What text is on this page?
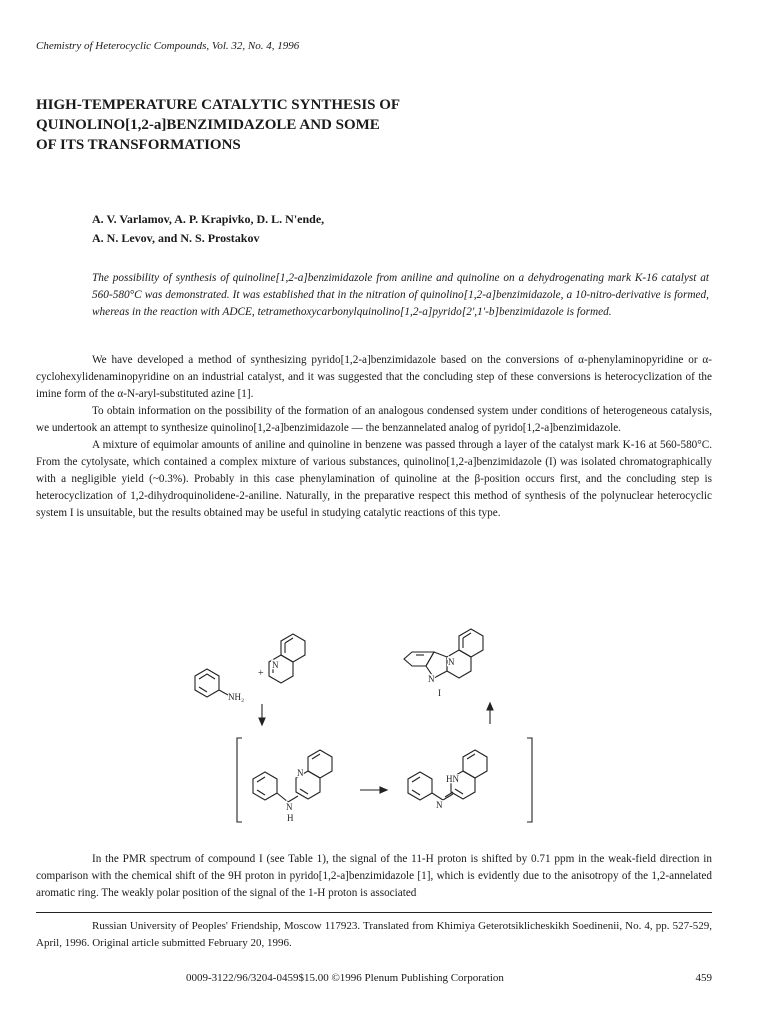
Chemistry of Heterocyclic Compounds, Vol. 32, No. 4, 1996
HIGH-TEMPERATURE CATALYTIC SYNTHESIS OF
QUINOLINO[1,2-a]BENZIMIDAZOLE AND SOME
OF ITS TRANSFORMATIONS
A. V. Varlamov, A. P. Krapivko, D. L. N'ende,
A. N. Levov, and N. S. Prostakov
The possibility of synthesis of quinoline[1,2-a]benzimidazole from aniline and quinoline on a dehydrogenating mark K-16 catalyst at 560-580°C was demonstrated. It was established that in the nitration of quinolino[1,2-a]benzimidazole, a 10-nitro-derivative is formed, whereas in the reaction with ADCE, tetramethoxycarbonylquinolino[1,2-a]pyrido[2',1'-b]benzimidazole is formed.

We have developed a method of synthesizing pyrido[1,2-a]benzimidazole based on the conversions of α-phenylaminopyridine or α-cyclohexylidenaminopyridine on an industrial catalyst, and it was suggested that the concluding step of these conversions is heterocyclization of the imine form of the α-N-aryl-substituted azine [1].

To obtain information on the possibility of the formation of an analogous condensed system under conditions of heterogeneous catalysis, we undertook an attempt to synthesize quinolino[1,2-a]benzimidazole — the benzannelated analog of pyrido[1,2-a]benzimidazole.

A mixture of equimolar amounts of aniline and quinoline in benzene was passed through a layer of the catalyst mark K-16 at 560-580°C. From the cytolysate, which contained a complex mixture of various substances, quinolino[1,2-a]benzimidazole (I) was isolated chromatographically with a negligible yield (~0.3%). Probably in this case phenylamination of quinoline at the β-position occurs first, and the concluding step is heterocyclization of 1,2-dihydroquinolidene-2-aniline. Naturally, in the preparative respect this method of synthesis of the polynuclear heterocyclic system I is unsuitable, but the results obtained may be useful in studying catalytic reactions of this type.

NH₂
+
N	N
N
I
N
H
N
N
HN

In the PMR spectrum of compound I (see Table 1), the signal of the 11-H proton is shifted by 0.71 ppm in the weak-field direction in comparison with the chemical shift of the 9H proton in pyrido[1,2-a]benzimidazole [1], which is evidently due to the anisotropy of the 1,2-annelated aromatic ring. The weakly polar position of the signal of the 1-H proton is associated

Russian University of Peoples' Friendship, Moscow 117923. Translated from Khimiya Geterotsiklicheskikh Soedinenii, No. 4, pp. 527-529, April, 1996. Original article submitted February 20, 1996.

0009-3122/96/3204-0459$15.00 ©1996 Plenum Publishing Corporation	459
